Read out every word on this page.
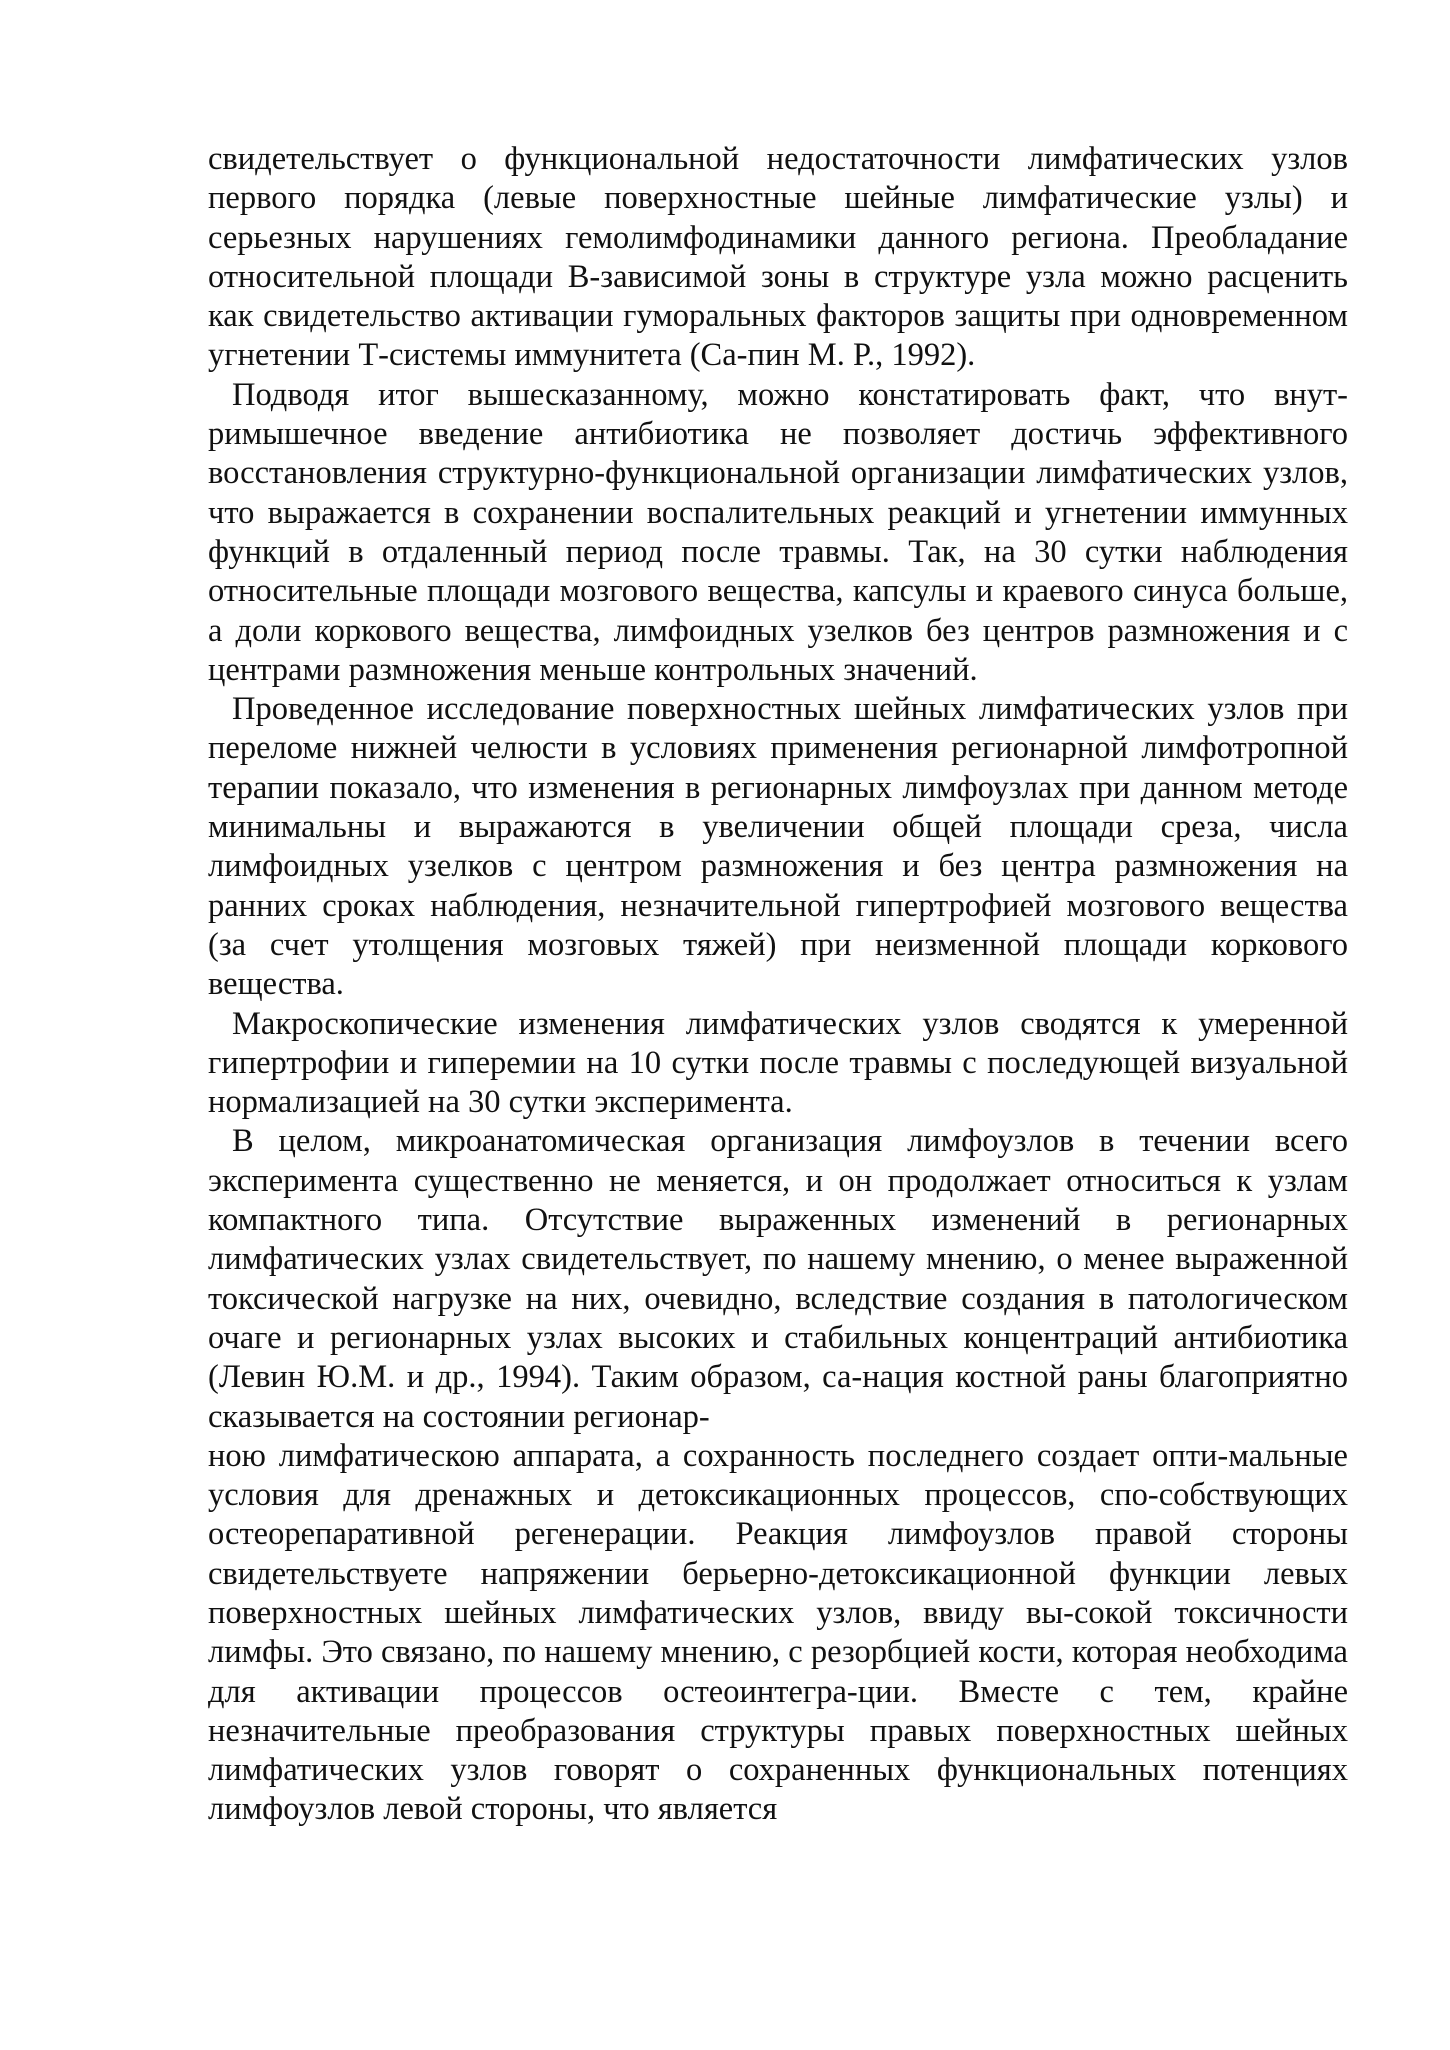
свидетельствует о функциональной недостаточности лимфатических узлов первого порядка (левые поверхностные шейные лимфатические узлы) и серьезных нарушениях гемолимфодинамики данного региона. Преобладание относительной площади В-зависимой зоны в структуре узла можно расценить как свидетельство активации гуморальных факторов защиты при одновременном угнетении Т-системы иммунитета (Са-пин М. Р., 1992).

Подводя итог вышесказанному, можно констатировать факт, что внут-римышечное введение антибиотика не позволяет достичь эффективного восстановления структурно-функциональной организации лимфатических узлов, что выражается в сохранении воспалительных реакций и угнетении иммунных функций в отдаленный период после травмы. Так, на 30 сутки наблюдения относительные площади мозгового вещества, капсулы и краевого синуса больше, а доли коркового вещества, лимфоидных узелков без центров размножения и с центрами размножения меньше контрольных значений.

Проведенное исследование поверхностных шейных лимфатических узлов при переломе нижней челюсти в условиях применения регионарной лимфотропной терапии показало, что изменения в регионарных лимфоузлах при данном методе минимальны и выражаются в увеличении общей площади среза, числа лимфоидных узелков с центром размножения и без центра размножения на ранних сроках наблюдения, незначительной гипертрофией мозгового вещества (за счет утолщения мозговых тяжей) при неизменной площади коркового вещества.

Макроскопические изменения лимфатических узлов сводятся к умеренной гипертрофии и гиперемии на 10 сутки после травмы с последующей визуальной нормализацией на 30 сутки эксперимента.

В целом, микроанатомическая организация лимфоузлов в течении всего эксперимента существенно не меняется, и он продолжает относиться к узлам компактного типа. Отсутствие выраженных изменений в регионарных лимфатических узлах свидетельствует, по нашему мнению, о менее выраженной токсической нагрузке на них, очевидно, вследствие создания в патологическом очаге и регионарных узлах высоких и стабильных концентраций антибиотика (Левин Ю.М. и др., 1994). Таким образом, са-нация костной раны благоприятно сказывается на состоянии регионар-

ною лимфатическою аппарата, а сохранность последнего создает опти-мальные условия для дренажных и детоксикационных процессов, спо-собствующих остеорепаративной регенерации. Реакция лимфоузлов правой стороны свидетельствуете напряжении берьерно-детоксикационной функции левых поверхностных шейных лимфатических узлов, ввиду вы-сокой токсичности лимфы. Это связано, по нашему мнению, с резорбцией кости, которая необходима для активации процессов остеоинтегра-ции. Вместе с тем, крайне незначительные преобразования структуры правых поверхностных шейных лимфатических узлов говорят о сохраненных функциональных потенциях лимфоузлов левой стороны, что является
